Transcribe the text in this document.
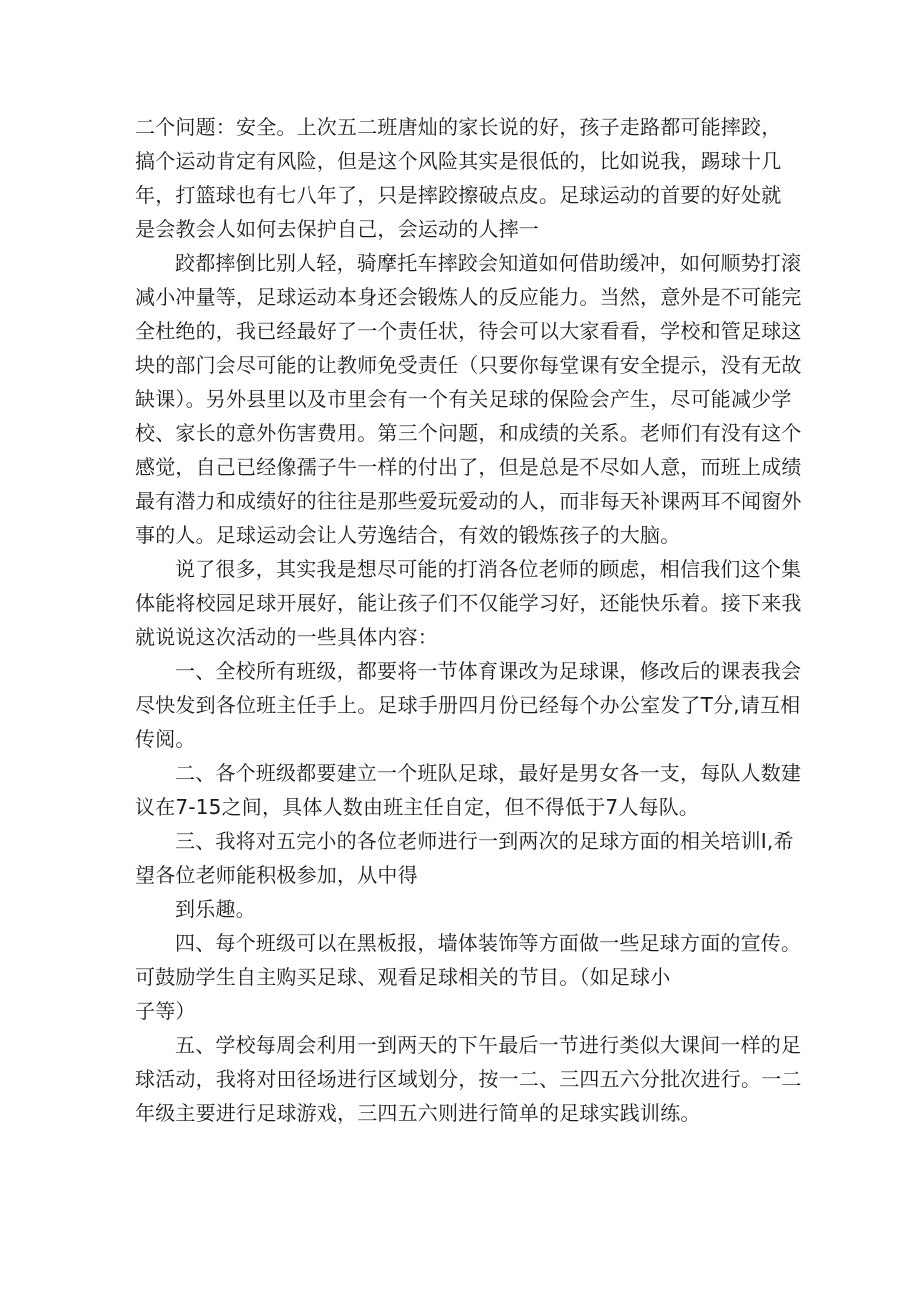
二个问题：安全。上次五二班唐灿的家长说的好，孩子走路都可能摔跤，
搞个运动肯定有风险，但是这个风险其实是很低的，比如说我，踢球十几
年，打篮球也有七八年了，只是摔跤擦破点皮。足球运动的首要的好处就
是会教会人如何去保护自己，会运动的人摔一
跤都摔倒比别人轻，骑摩托车摔跤会知道如何借助缓冲，如何顺势打滚
减小冲量等，足球运动本身还会锻炼人的反应能力。当然，意外是不可能完
全杜绝的，我已经最好了一个责任状，待会可以大家看看，学校和管足球这
块的部门会尽可能的让教师免受责任（只要你每堂课有安全提示，没有无故
缺课）。另外县里以及市里会有一个有关足球的保险会产生，尽可能减少学
校、家长的意外伤害费用。第三个问题，和成绩的关系。老师们有没有这个
感觉，自己已经像孺子牛一样的付出了，但是总是不尽如人意，而班上成绩
最有潜力和成绩好的往往是那些爱玩爱动的人，而非每天补课两耳不闻窗外
事的人。足球运动会让人劳逸结合，有效的锻炼孩子的大脑。
说了很多，其实我是想尽可能的打消各位老师的顾虑，相信我们这个集
体能将校园足球开展好，能让孩子们不仅能学习好，还能快乐着。接下来我
就说说这次活动的一些具体内容：
一、全校所有班级，都要将一节体育课改为足球课，修改后的课表我会
尽快发到各位班主任手上。足球手册四月份已经每个办公室发了T分,请互相
传阅。
二、各个班级都要建立一个班队足球，最好是男女各一支，每队人数建
议在7-15之间，具体人数由班主任自定，但不得低于7人每队。
三、我将对五完小的各位老师进行一到两次的足球方面的相关培训I,希
望各位老师能积极参加，从中得
到乐趣。
四、每个班级可以在黑板报，墙体装饰等方面做一些足球方面的宣传。
可鼓励学生自主购买足球、观看足球相关的节目。（如足球小
子等）
五、学校每周会利用一到两天的下午最后一节进行类似大课间一样的足
球活动，我将对田径场进行区域划分，按一二、三四五六分批次进行。一二
年级主要进行足球游戏，三四五六则进行简单的足球实践训练。
